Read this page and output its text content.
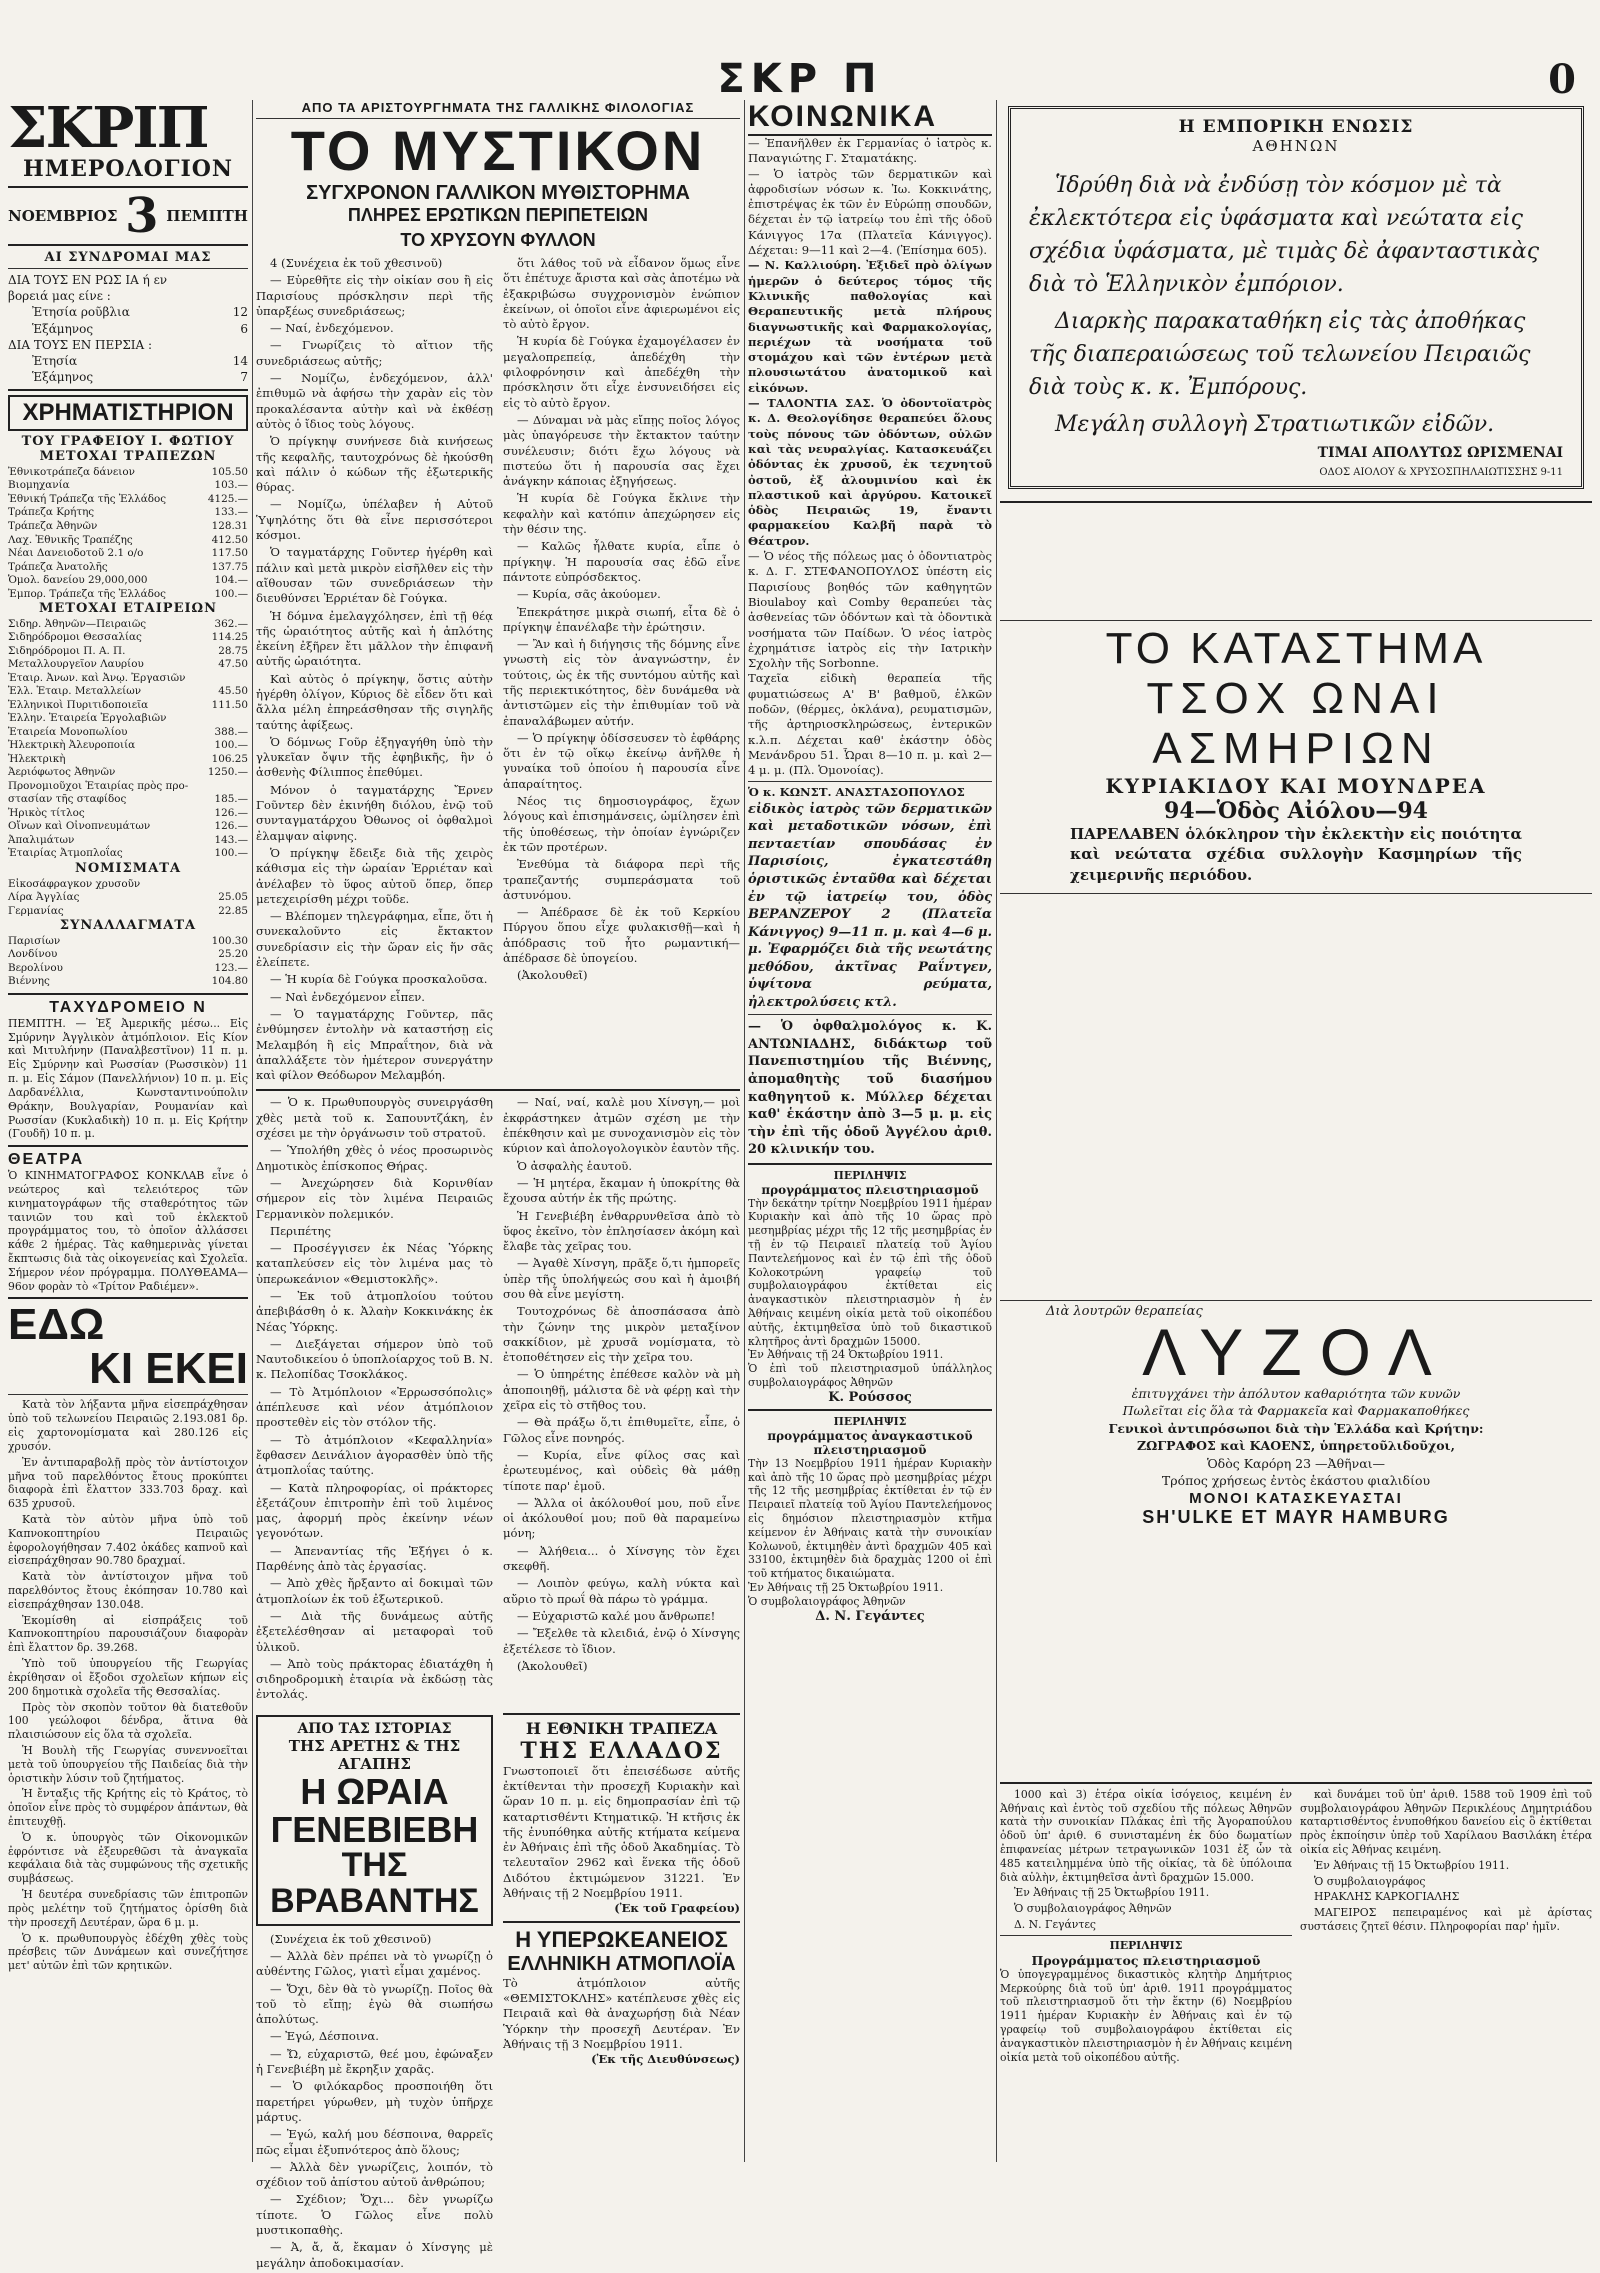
ΣΚΡ Π	0
ΣΚΡΙΠ
ΗΜΕΡΟΛΟΓΙΟΝ
ΝΟΕΜΒΡΙΟΣ 3 ΠΕΜΠΤΗ
ΑΙ ΣΥΝΔΡΟΜΑΙ ΜΑΣ
ΔΙΑ ΤΟΥΣ ΕΝ ΡΩΣ ΙΑ ή εν
βορειά μας είνε :
Ἐτησία ροῦβλια	12
Ἑξάμηνος	6
ΔΙΑ ΤΟΥΣ ΕΝ ΠΕΡΣΙΑ :
Ἐτησία	14
Ἑξάμηνος	7
ΧΡΗΜΑΤΙΣΤΗΡΙΟΝ
ΤΟΥ ΓΡΑΦΕΙΟΥ Ι. ΦΩΤΙΟΥ
ΜΕΤΟΧΑΙ ΤΡΑΠΕΖΩΝ
Ἐθνικοτράπεζα δάνειον	105.50
Βιομηχανία	103.—
Ἐθνική Τράπεζα τῆς Ἑλλάδος	4125.—
Τράπεζα Κρήτης	133.—
Τράπεζα Ἀθηνῶν	128.31
Λαχ. Ἐθνικῆς Τραπέζης	412.50
Νέαι Δανειοδοτοῦ 2.1 ο/ο	117.50
Τράπεζα Ἀνατολῆς	137.75
Ὁμολ. δανείου 29,000,000	104.—
Ἐμπορ. Τράπεζα τῆς Ἑλλάδος	100.—
ΜΕΤΟΧΑΙ ΕΤΑΙΡΕΙΩΝ
Σιδηρ. Ἀθηνῶν—Πειραιῶς	362.—
Σιδηρόδρομοι Θεσσαλίας	114.25
Σιδηρόδρομοι Π. Α. Π.	28.75
Μεταλλουργεῖον Λαυρίου	47.50
Ἑταιρ. Ἀνων. καὶ Ἀνῳ. Ἐργασιῶν
Ἑλλ. Ἑταιρ. Μεταλλείων	45.50
Ἑλληνικοὶ Πυριτιδοποιεῖα	111.50
Ἑλλην. Ἑταιρεία Ἐργολαβιῶν
Ἑταιρεία Μονοπωλίου	388.—
Ἠλεκτρικὴ Ἀλευροποιία	100.—
Ἠλεκτρικὴ	106.25
Ἀεριόφωτος Ἀθηνῶν	1250.—
Προνομιοῦχοι Ἑταιρίας πρὸς προ-
στασίαν τῆς σταφίδος	185.—
Ἠρικὸς τίτλος	126.—
Οἴνων καὶ Οἰνοπνευμάτων	126.—
Ἀπαλιμάτων	143.—
Ἑταιρίας Ἀτμοπλοΐας	100.—
ΝΟΜΙΣΜΑΤΑ
Εἰκοσάφραγκον χρυσοῦν
Λίρα Ἀγγλίας	25.05
Γερμανίας	22.85
ΣΥΝΑΛΛΑΓΜΑΤΑ
Παρισίων	100.30
Λονδίνου	25.20
Βερολίνου	123.—
Βιέννης	104.80
ΤΑΧΥΔΡΟΜΕΙΟ Ν
ΠΕΜΠΤΗ. — Ἐξ Ἀμερικῆς μέσω... Εἰς Σμύρνην Ἀγγλικὸν ἀτμόπλοιον. Εἰς Κίον καὶ Μιτυλήνην (Παναλβεστῖνον) 11 π. μ. Εἰς Σμύρνην καὶ Ρωσσίαν (Ρωσσικὸν) 11 π. μ. Εἰς Σάμον (Πανελλήνιον) 10 π. μ. Εἰς Δαρδανέλλια, Κωνσταντινούπολιν Θράκην, Βουλγαρίαν, Ρουμανίαν καὶ Ρωσσίαν (Κυκλαδικὴ) 10 π. μ. Εἰς Κρήτην (Γουδῆ) 10 π. μ.
ΘΕΑΤΡΑ
Ὁ ΚΙΝΗΜΑΤΟΓΡΑΦΟΣ ΚΟΝΚΛΑΒ εἶνε ὁ νεώτερος καὶ τελειότερος τῶν κινηματογράφων τῆς σταθερότητος τῶν ταινιῶν του καὶ τοῦ ἐκλεκτοῦ προγράμματος του, τὸ ὁποῖον ἀλλάσσει κάθε 2 ἡμέρας. Τὰς καθημερινὰς γίνεται ἔκπτωσις διὰ τὰς οἰκογενείας καὶ Σχολεῖα. Σήμερον νέον πρόγραμμα. ΠΟΛΥΘΕΑΜΑ—96ον φορὰν τὸ «Τρίτον Ραδιέμεν».
ΕΔΩ
ΚΙ ΕΚΕΙ

Κατὰ τὸν λήξαντα μῆνα εἰσεπράχθησαν ὑπὸ τοῦ τελωνείου Πειραιῶς 2.193.081 δρ. εἰς χαρτονομίσματα καὶ 280.126 εἰς χρυσόν.

Ἐν ἀντιπαραβολῇ πρὸς τὸν ἀντίστοιχον μῆνα τοῦ παρελθόντος ἔτους προκύπτει διαφορὰ ἐπὶ ἔλαττον 333.703 δραχ. καὶ 635 χρυσοῦ.

Κατὰ τὸν αὐτὸν μῆνα ὑπὸ τοῦ Καπνοκοπτηρίου Πειραιῶς ἐφορολογήθησαν 7.402 ὀκάδες καπνοῦ καὶ εἰσεπράχθησαν 90.780 δραχμαί.

Κατὰ τὸν ἀντίστοιχον μῆνα τοῦ παρελθόντος ἔτους ἐκόπησαν 10.780 καὶ εἰσεπράχθησαν 130.048.

Ἐκομίσθη αἱ εἰσπράξεις τοῦ Καπνοκοπτηρίου παρουσιάζουν διαφορὰν ἐπὶ ἔλαττον δρ. 39.268.

Ὑπὸ τοῦ ὑπουργείου τῆς Γεωργίας ἐκρίθησαν οἱ ἔξοδοι σχολεῖων κήπων εἰς 200 δημοτικὰ σχολεῖα τῆς Θεσσαλίας.

Πρὸς τὸν σκοπὸν τοῦτον θὰ διατεθοῦν 100 γεώλοφοι δένδρα, ἅτινα θὰ πλαισιώσουν εἰς ὅλα τὰ σχολεῖα.

Ἡ Βουλὴ τῆς Γεωργίας συνεννοεῖται μετὰ τοῦ ὑπουργείου τῆς Παιδείας διὰ τὴν ὁριστικὴν λύσιν τοῦ ζητήματος.

Ἡ ἔνταξις τῆς Κρήτης εἰς τὸ Κράτος, τὸ ὁποῖον εἶνε πρὸς τὸ συμφέρον ἀπάντων, θὰ ἐπιτευχθῇ.

Ὁ κ. ὑπουργὸς τῶν Οἰκονομικῶν ἐφρόντισε νὰ ἐξευρεθῶσι τὰ ἀναγκαῖα κεφάλαια διὰ τὰς συμφώνους τῆς σχετικῆς συμβάσεως.

Ἡ δευτέρα συνεδρίασις τῶν ἐπιτροπῶν πρὸς μελέτην τοῦ ζητήματος ὁρίσθη διὰ τὴν προσεχῆ Δευτέραν, ὥρα 6 μ. μ.

Ὁ κ. πρωθυπουργὸς ἐδέχθη χθὲς τοὺς πρέσβεις τῶν Δυνάμεων καὶ συνεζήτησε μετ' αὐτῶν ἐπὶ τῶν κρητικῶν.

ΑΠΟ ΤΑ ΑΡΙΣΤΟΥΡΓΗΜΑΤΑ ΤΗΣ ΓΑΛΛΙΚΗΣ ΦΙΛΟΛΟΓΙΑΣ
ΤΟ ΜΥΣΤΙΚΟΝ
ΣΥΓΧΡΟΝΟΝ ΓΑΛΛΙΚΟΝ ΜΥΘΙΣΤΟΡΗΜΑ
ΠΛΗΡΕΣ ΕΡΩΤΙΚΩΝ ΠΕΡΙΠΕΤΕΙΩΝ
ΤΟ ΧΡΥΣΟΥΝ ΦΥΛΛΟΝ

4 (Συνέχεια ἐκ τοῦ χθεσινοῦ)

— Εὑρεθῆτε εἰς τὴν οἰκίαν σου ἢ εἰς Παρισίους πρόσκλησιν περὶ τῆς ὑπαρξέως συνεδριάσεως;

— Ναί, ἐνδεχόμενον.

— Γνωρίζεις τὸ αἴτιον τῆς συνεδριάσεως αὐτῆς;

— Νομίζω, ἐνδεχόμενον, ἀλλ' ἐπιθυμῶ νὰ ἀφήσω τὴν χαρὰν εἰς τὸν προκαλέσαντα αὐτὴν καὶ νὰ ἐκθέσῃ αὐτὸς ὁ ἴδιος τοὺς λόγους.

Ὁ πρίγκηψ συνήνεσε διὰ κινήσεως τῆς κεφαλῆς, ταυτοχρόνως δὲ ἠκούσθη καὶ πάλιν ὁ κώδων τῆς ἐξωτερικῆς θύρας.

— Νομίζω, ὑπέλαβεν ἡ Αὐτοῦ Ὑψηλότης ὅτι θὰ εἶνε περισσότεροι κόσμοι.

Ὁ ταγματάρχης Γοῦντερ ἠγέρθη καὶ πάλιν καὶ μετὰ μικρὸν εἰσῆλθεν εἰς τὴν αἴθουσαν τῶν συνεδριάσεων τὴν διευθύνσει Ἐρριέταν δὲ Γούγκα.

Ἡ δόμνα ἐμελαγχόλησεν, ἐπὶ τῇ θέᾳ τῆς ὡραιότητος αὐτῆς καὶ ἡ ἀπλότης ἐκείνη ἐξῆρεν ἔτι μᾶλλον τὴν ἐπιφανῆ αὐτῆς ὡραιότητα.

Καὶ αὐτὸς ὁ πρίγκηψ, ὅστις αὐτὴν ἠγέρθη ὀλίγον, Κύριος δὲ εἶδεν ὅτι καὶ ἄλλα μέλη ἐπηρεάσθησαν τῆς σιγηλῆς ταύτης ἀφίξεως.

Ὁ δόμνως Γοῦρ ἐξηγαγήθη ὑπὸ τὴν γλυκεῖαν ὄψιν τῆς ἐφηβικῆς, ἣν ὁ ἀσθενὴς Φίλιππος ἐπεθύμει.

Μόνον ὁ ταγματάρχης Ἔρνεν Γοῦντερ δὲν ἐκινήθη διόλου, ἐνῷ τοῦ συνταγματάρχου Ὀθωνος οἱ ὀφθαλμοὶ ἐλαμψαν αἰφνης.

Ὁ πρίγκηψ ἔδειξε διὰ τῆς χειρὸς κάθισμα εἰς τὴν ὡραίαν Ἐρριέταν καὶ ἀνέλαβεν τὸ ὕφος αὐτοῦ ὅπερ, ὅπερ μετεχειρίσθη μέχρι τοῦδε.

— Βλέπομεν τηλεγράφημα, εἶπε, ὅτι ἡ συνεκαλοῦντο εἰς ἔκτακτον συνεδρίασιν εἰς τὴν ὥραν εἰς ἥν σᾶς ἐλείπετε.

— Ἡ κυρία δὲ Γούγκα προσκαλοῦσα.

— Ναὶ ἐνδεχόμενον εἶπεν.

— Ὁ ταγματάρχης Γοῦντερ, πᾶς ἐνθύμησεν ἐντολὴν νὰ καταστήσῃ εἰς Μελαμβόη ἢ εἰς Μπραΐτηον, διὰ νὰ ἀπαλλάξετε τὸν ἡμέτερον συνεργάτην καὶ φίλον Θεόδωρον Μελαμβόη.

ὅτι λάθος τοῦ νὰ εἶδανον ὅμως εἶνε ὅτι ἐπέτυχε ἄριστα καὶ σὰς ἀποτέμω νὰ ἐξακριβώσω συγχρονισμὸν ἐνώπιον ἐκείνων, οἱ ὁποῖοι εἶνε ἀφιερωμένοι εἰς τὸ αὐτὸ ἔργον.

Ἡ κυρία δὲ Γούγκα ἐχαμογέλασεν ἐν μεγαλοπρεπείᾳ, ἀπεδέχθη τὴν φιλοφρόνησιν καὶ ἀπεδέχθη τὴν πρόσκλησιν ὅτι εἶχε ἐνσυνειδήσει εἰς εἰς τὸ αὐτὸ ἔργον.

— Δύναμαι νὰ μὰς εἴπῃς ποῖος λόγος μὰς ὑπαγόρευσε τὴν ἔκτακτον ταύτην συνέλευσιν; διότι ἔχω λόγους νὰ πιστεύω ὅτι ἡ παρουσία σας ἔχει ἀνάγκην κάποιας ἐξηγήσεως.

Ἡ κυρία δὲ Γούγκα ἔκλινε τὴν κεφαλὴν καὶ κατόπιν ἀπεχώρησεν εἰς τὴν θέσιν της.

— Καλῶς ἦλθατε κυρία, εἶπε ὁ πρίγκηψ. Ἡ παρουσία σας ἐδῶ εἶνε πάντοτε εὐπρόσδεκτος.

— Κυρία, σᾶς ἀκούομεν.

Ἐπεκράτησε μικρὰ σιωπή, εἶτα δὲ ὁ πρίγκηψ ἐπανέλαβε τὴν ἐρώτησιν.

— Ἂν καὶ ἡ διήγησις τῆς δόμνης εἶνε γνωστὴ εἰς τὸν ἀναγνώστην, ἐν τούτοις, ὡς ἐκ τῆς συντόμου αὐτῆς καὶ τῆς περιεκτικότητος, δὲν δυνάμεθα νὰ ἀντιστῶμεν εἰς τὴν ἐπιθυμίαν τοῦ νὰ ἐπαναλάβωμεν αὐτήν.

— Ὁ πρίγκηψ ὀδίσσευσεν τὸ ἐφθάρης ὅτι ἐν τῷ οἴκῳ ἐκείνῳ ἀνῆλθε ἡ γυναίκα τοῦ ὁποίου ἡ παρουσία εἶνε ἀπαραίτητος.

Νέος τις δημοσιογράφος, ἔχων λόγους καὶ ἐπισημάνσεις, ὡμίλησεν ἐπὶ τῆς ὑποθέσεως, τὴν ὁποίαν ἐγνώριζεν ἐκ τῶν προτέρων.

Ἐνεθύμα τὰ διάφορα περὶ τῆς τραπεζαντής συμπεράσματα τοῦ ἀστυνόμου.

— Ἀπέδρασε δὲ ἐκ τοῦ Κερκίου Πύργου ὅπου εἶχε φυλακισθῇ—καὶ ἡ ἀπόδρασις τοῦ ἦτο ρωμαντική—ἀπέδρασε δὲ ὑπογείου.

(Ἀκολουθεῖ)

— Ὁ κ. Πρωθυπουργὸς συνειργάσθη χθὲς μετὰ τοῦ κ. Σαπουντζάκη, ἐν σχέσει με τὴν ὀργάνωσιν τοῦ στρατοῦ.

— Ὑπολήθη χθὲς ὁ νέος προσωρινὸς Δημοτικὸς ἐπίσκοπος Θήρας.

— Ἀνεχώρησεν διὰ Κορινθίαν σήμερον εἰς τὸν λιμένα Πειραιῶς Γερμανικὸν πολεμικόν.

Περιπέτης

— Προσέγγισεν ἐκ Νέας Ὑόρκης καταπλεύσεν εἰς τὸν λιμένα μας τὸ ὑπερωκεάνιον «Θεμιστοκλῆς».

— Ἐκ τοῦ ἀτμοπλοίου τούτου ἀπεβιβάσθη ὁ κ. Ἀλαὴν Κοκκινάκης ἐκ Νέας Ὑόρκης.

— Διεξάγεται σήμερον ὑπὸ τοῦ Ναυτοδικείου ὁ ὑποπλοίαρχος τοῦ Β. Ν. κ. Πελοπίδας Τσοκλάκος.

— Τὸ Ἀτμόπλοιον «Ἐρρωσσόπολις» ἀπέπλευσε καὶ νέον ἀτμόπλοιον προστεθὲν εἰς τὸν στόλον τῆς.

— Τὸ ἀτμόπλοιον «Κεφαλληνία» ἔφθασεν Δεινάλιον ἀγορασθὲν ὑπὸ τῆς ἀτμοπλοΐας ταύτης.

— Κατὰ πληροφορίας, οἱ πράκτορες ἐξετάζουν ἐπιτροπὴν ἐπὶ τοῦ λιμένος μας, ἀφορμή πρὸς ἐκείνην νέων γεγονότων.

— Ἀπεναντίας τῆς Ἐξήγει ὁ κ. Παρθένης ἀπὸ τὰς ἐργασίας.

— Ἀπὸ χθὲς ἤρξαντο αἱ δοκιμαὶ τῶν ἀτμοπλοίων ἐκ τοῦ ἐξωτερικοῦ.

— Διὰ τῆς δυνάμεως αὐτῆς ἐξετελέσθησαν αἱ μεταφοραὶ τοῦ ὑλικοῦ.

— Ἀπὸ τοὺς πράκτορας ἐδιατάχθη ἡ σιδηροδρομικὴ ἐταιρία νὰ ἐκδώσῃ τὰς ἐντολάς.

— Ναί, ναί, καλὲ μου Χίνσγη,— μοὶ ἐκφράστηκεν ἀτμῶν σχέση με τὴν ἐπέκθησιν καὶ με συνοχανισμὸν εἰς τὸν κύριον καὶ ἀπολογολογικὸν ἑαυτὸν τῆς.

Ὁ ἀσφαλὴς ἑαυτοῦ.

— Ἡ μητέρα, ἔκαμαν ἡ ὑποκρίτης θὰ ἔχουσα αὐτήν ἐκ τῆς πρώτης.

Ἡ Γενεβιέβη ἐνθαρρυνθεῖσα ἀπὸ τὸ ὕφος ἐκεῖνο, τὸν ἐπλησίασεν ἀκόμη καὶ ἔλαβε τὰς χεῖρας του.

— Ἀγαθὲ Χίνσγη, πρᾶξε ὅ,τι ἠμπορεῖς ὑπὲρ τῆς ὑπολήψεώς σου καὶ ἡ ἀμοιβή σου θὰ εἶνε μεγίστη.

Τουτοχρόνως δὲ ἀποσπάσασα ἀπὸ τὴν ζώνην της μικρὸν μεταξίνον σακκίδιον, μὲ χρυσᾶ νομίσματα, τὸ ἐτοποθέτησεν εἰς τὴν χεῖρα του.

— Ὁ ὑπηρέτης ἐπέθεσε καλὸν νὰ μὴ ἀποποιηθῇ, μάλιστα δὲ νὰ φέρῃ καὶ τὴν χεῖρα εἰς τὸ στῆθος του.

— Θὰ πράξω ὅ,τι ἐπιθυμεῖτε, εἶπε, ὁ Γῶλος εἶνε πονηρός.

— Κυρία, εἶνε φίλος σας καὶ ἐρωτευμένος, καὶ οὐδεὶς θὰ μάθῃ τίποτε παρ' ἐμοῦ.

— Ἄλλα οἱ ἀκόλουθοί μου, ποῦ εἶνε οἱ ἀκόλουθοί μου; ποῦ θὰ παραμείνω μόνη;

— Ἀλήθεια... ὁ Χίνσγης τὸν ἔχει σκεφθῆ.

— Λοιπὸν φεύγω, καλὴ νύκτα καὶ αὔριο τὸ πρωΐ θὰ πάρω τὸ γράμμα.

— Εὐχαριστῶ καλέ μου ἄνθρωπε!

— Ἔξελθε τὰ κλειδιά, ἐνῷ ὁ Χίνσγης ἐξετέλεσε τὸ ἴδιον.

(Ἀκολουθεῖ)

ΑΠΟ ΤΑΣ ΙΣΤΟΡΙΑΣ
ΤΗΣ ΑΡΕΤΗΣ & ΤΗΣ ΑΓΑΠΗΣ
Η ΩΡΑΙΑ ΓΕΝΕΒΙΕΒΗ
ΤΗΣ ΒΡΑΒΑΝΤΗΣ

(Συνέχεια ἐκ τοῦ χθεσινοῦ)

— Ἀλλὰ δὲν πρέπει νὰ τὸ γνωρίζῃ ὁ αὐθέντης Γῶλος, γιατὶ εἶμαι χαμένος.

— Ὄχι, δὲν θὰ τὸ γνωρίζῃ. Ποῖος θὰ τοῦ τὸ εἴπῃ; ἐγὼ θὰ σιωπήσω ἀπολύτως.

— Ἐγώ, Δέσποινα.

— Ὤ, εὐχαριστῶ, θεέ μου, ἐφώναξεν ἡ Γενεβιέβη μὲ ἔκρηξιν χαρᾶς.

— Ὁ φιλόκαρδος προσποιήθη ὅτι παρετήρει γύρωθεν, μὴ τυχὸν ὑπῆρχε μάρτυς.

— Ἐγώ, καλή μου δέσποινα, θαρρεῖς πῶς εἶμαι ἐξυπνότερος ἀπὸ ὅλους;

— Ἀλλὰ δὲν γνωρίζεις, λοιπόν, τὸ σχέδιον τοῦ ἀπίστου αὐτοῦ ἀνθρώπου;

— Σχέδιον; Ὄχι... δὲν γνωρίζω τίποτε. Ὁ Γῶλος εἶνε πολὺ μυστικοπαθὴς.

— Ἀ, ἄ, ἄ, ἔκαμαν ὁ Χίνσγης μὲ μεγάλην ἀποδοκιμασίαν.

Η ΕΘΝΙΚΗ ΤΡΑΠΕΖΑ
ΤΗΣ ΕΛΛΑΔΟΣ
Γνωστοποιεῖ ὅτι ἐπεισέδωσε αὐτῆς ἐκτίθενται τὴν προσεχῆ Κυριακὴν καὶ ὥραν 10 π. μ. εἰς δημοπρασίαν ἐπὶ τῷ καταρτισθέντι Κτηματικῷ. Ἡ κτῆσις ἐκ τῆς ἐνυπόθηκα αὐτῆς κτήματα κείμενα ἐν Ἀθήναις ἐπὶ τῆς ὁδοῦ Ἀκαδημίας. Τὸ τελευταῖον 2962 καὶ ἕνεκα τῆς ὁδοῦ Διδότου ἐκτιμώμενον 31221. Ἐν Ἀθήναις τῇ 2 Νοεμβρίου 1911.
(Ἐκ τοῦ Γραφείου)
Η ΥΠΕΡΩΚΕΑΝΕΙΟΣ
ΕΛΛΗΝΙΚΗ ΑΤΜΟΠΛΟΪΑ
Τὸ ἀτμόπλοιον αὐτῆς «ΘΕΜΙΣΤΟΚΛΗΣ» κατέπλευσε χθὲς εἰς Πειραιᾶ καὶ θὰ ἀναχωρήσῃ διὰ Νέαν Ὑόρκην τὴν προσεχῆ Δευτέραν. Ἐν Ἀθήναις τῇ 3 Νοεμβρίου 1911.
(Ἐκ τῆς Διευθύνσεως)
ΚΟΙΝΩΝΙΚΑ
— Ἐπανῆλθεν ἐκ Γερμανίας ὁ ἰατρὸς κ. Παναγιώτης Γ. Σταματάκης.
— Ὁ ἰατρὸς τῶν δερματικῶν καὶ ἀφροδισίων νόσων κ. Ἰω. Κοκκινάτης, ἐπιστρέψας ἐκ τῶν ἐν Εὐρώπῃ σπουδῶν, δέχεται ἐν τῷ ἰατρείῳ του ἐπὶ τῆς ὁδοῦ Κάνιγγος 17α (Πλατεῖα Κάνιγγος). Δέχεται: 9—11 καὶ 2—4. (Ἐπίσημα 605).
— Ν. Καλλιούρη. Ἐξιδεῖ πρὸ ὀλίγων ἡμερῶν ὁ δεύτερος τόμος τῆς Κλινικῆς παθολογίας καὶ Θεραπευτικῆς μετὰ πλήρους διαγνωστικῆς καὶ Φαρμακολογίας, περιέχων τὰ νοσήματα τοῦ στομάχου καὶ τῶν ἐντέρων μετὰ πλουσιωτάτου ἀνατομικοῦ καὶ εἰκόνων.
— ΤΑΛΟΝΤΙΑ ΣΑΣ. Ὁ ὀδοντοϊατρὸς κ. Δ. Θεολογίδησε θεραπεύει ὅλους τοὺς πόνους τῶν ὀδόντων, οὐλῶν καὶ τὰς νευραλγίας. Κατασκευάζει ὀδόντας ἐκ χρυσοῦ, ἐκ τεχνητοῦ ὀστοῦ, ἐξ ἀλουμινίου καὶ ἐκ πλαστικοῦ καὶ ἀργύρου. Κατοικεῖ ὁδὸς Πειραιῶς 19, ἔναντι φαρμακείου Καλβῆ παρὰ τὸ Θέατρον.
— Ὁ νέος τῆς πόλεως μας ὁ ὀδοντιατρὸς κ. Δ. Γ. ΣΤΕΦΑΝΟΠΟΥΛΟΣ ὑπέστη εἰς Παρισίους βοηθός τῶν καθηγητῶν Bioulaboy καὶ Comby θεραπεύει τὰς ἀσθενείας τῶν ὀδόντων καὶ τὰ ὀδοντικὰ νοσήματα τῶν Παίδων. Ὁ νέος ἰατρὸς ἐχρημάτισε ἰατρὸς εἰς τὴν Ιατρικὴν Σχολὴν τῆς Sorbonne.
Ταχεῖα εἰδικὴ θεραπεία τῆς φυματιώσεως Α' Β' βαθμοῦ, ἑλκῶν ποδῶν, (θέρμες, ὀκλάνα), ρευματισμῶν, τῆς ἀρτηριοσκληρώσεως, ἐντερικῶν κ.λ.π. Δέχεται καθ' ἑκάστην ὁδὸς Μενάνδρου 51. Ὧραι 8—10 π. μ. καὶ 2—4 μ. μ. (Πλ. Ὁμονοίας).
Ὁ κ. ΚΩΝΣΤ. ΑΝΑΣΤΑΣΟΠΟΥΛΟΣ
εἰδικὸς ἰατρὸς τῶν δερματικῶν καὶ μεταδοτικῶν νόσων, ἐπὶ πενταετίαν σπουδάσας ἐν Παρισίοις, ἐγκατεστάθη ὁριστικῶς ἐνταῦθα καὶ δέχεται ἐν τῷ ἰατρείῳ του, ὁδὸς ΒΕΡΑΝΖΕΡΟΥ 2 (Πλατεῖα Κάνιγγος) 9—11 π. μ. καὶ 4—6 μ. μ. Ἐφαρμόζει διὰ τῆς νεωτάτης μεθόδου, ἀκτῖνας Ραΐντγεν, ὑψίτονα ρεύματα, ἠλεκτρολύσεις κτλ.
— Ὁ ὀφθαλμολόγος κ. Κ. ΑΝΤΩΝΙΑΔΗΣ, διδάκτωρ τοῦ Πανεπιστημίου τῆς Βιέννης, ἀπομαθητὴς τοῦ διασήμου καθηγητοῦ κ. Μύλλερ δέχεται καθ' ἑκάστην ἀπὸ 3—5 μ. μ. εἰς τὴν ἐπὶ τῆς ὁδοῦ Ἀγγέλου ἀριθ. 20 κλινικήν του.
ΠΕΡΙΛΗΨΙΣ
προγράμματος πλειστηριασμοῦ
Τὴν δεκάτην τρίτην Νοεμβρίου 1911 ἡμέραν Κυριακὴν καὶ ἀπὸ τῆς 10 ὥρας πρὸ μεσημβρίας μέχρι τῆς 12 τῆς μεσημβρίας ἐν τῇ ἐν τῷ Πειραιεῖ πλατείᾳ τοῦ Ἁγίου Παντελεήμονος καὶ ἐν τῷ ἐπὶ τῆς ὁδοῦ Κολοκοτρώνη γραφείῳ τοῦ συμβολαιογράφου ἐκτίθεται εἰς ἀναγκαστικὸν πλειστηριασμὸν ἡ ἐν Ἀθήναις κειμένη οἰκία μετὰ τοῦ οἰκοπέδου αὐτῆς, ἐκτιμηθεῖσα ὑπὸ τοῦ δικαστικοῦ κλητῆρος ἀντὶ δραχμῶν 15000.
Ἐν Ἀθήναις τῇ 24 Ὀκτωβρίου 1911.
Ὁ ἐπὶ τοῦ πλειστηριασμοῦ ὑπάλληλος συμβολαιογράφος Ἀθηνῶν
Κ. Ρούσσος
ΠΕΡΙΛΗΨΙΣ
προγράμματος ἀναγκαστικοῦ πλειστηριασμοῦ
Τὴν 13 Νοεμβρίου 1911 ἡμέραν Κυριακὴν καὶ ἀπὸ τῆς 10 ὥρας πρὸ μεσημβρίας μέχρι τῆς 12 τῆς μεσημβρίας ἐκτίθεται ἐν τῷ ἐν Πειραιεῖ πλατείᾳ τοῦ Ἁγίου Παντελεήμονος εἰς δημόσιον πλειστηριασμὸν κτῆμα κείμενον ἐν Ἀθήναις κατὰ τὴν συνοικίαν Κολωνοῦ, ἐκτιμηθὲν ἀντὶ δραχμῶν 405 καὶ 33100, ἐκτιμηθὲν διὰ δραχμὰς 1200 οἱ ἐπὶ τοῦ κτήματος δικαιώματα.
Ἐν Ἀθήναις τῇ 25 Ὀκτωβρίου 1911.
Ὁ συμβολαιογράφος Ἀθηνῶν
Δ. Ν. Γεγάντες
Η ΕΜΠΟΡΙΚΗ ΕΝΩΣΙΣ
ΑΘΗΝΩΝ

Ἱδρύθη διὰ νὰ ἐνδύσῃ τὸν κόσμον μὲ τὰ ἐκλεκτότερα εἰς ὑφάσματα καὶ νεώτατα εἰς σχέδια ὑφάσματα, μὲ τιμὰς δὲ ἀφανταστικὰς διὰ τὸ Ἑλληνικὸν ἐμπόριον.

Διαρκὴς παρακαταθήκη εἰς τὰς ἀποθήκας τῆς διαπεραιώσεως τοῦ τελωνείου Πειραιῶς διὰ τοὺς κ. κ. Ἐμπόρους.

Μεγάλη συλλογὴ Στρατιωτικῶν εἰδῶν.

ΤΙΜΑΙ ΑΠΟΛΥΤΩΣ ΩΡΙΣΜΕΝΑΙ
ΟΔΟΣ ΑΙΟΛΟΥ & ΧΡΥΣΟΣΠΗΛΑΙΩΤΙΣΣΗΣ 9-11
ΤΟ ΚΑΤΑΣΤΗΜΑ
ΤΣΟΧ ΩΝΑΙ ΑΣΜΗΡΙΩΝ
ΚΥΡΙΑΚΙΔΟΥ ΚΑΙ ΜΟΥΝΔΡΕΑ
94—Ὁδὸς Αἰόλου—94
ΠΑΡΕΛΑΒΕΝ ὁλόκληρον τὴν ἐκλεκτὴν εἰς ποιότητα καὶ νεώτατα σχέδια συλλογὴν Κασμηρίων τῆς χειμερινῆς περιόδου.
Διὰ λουτρῶν θεραπείας
ΛΥΖΟΛ
ἐπιτυγχάνει τὴν ἀπόλυτον καθαριότητα τῶν κυνῶν
Πωλεῖται εἰς ὅλα τὰ Φαρμακεῖα καὶ Φαρμακαποθήκες
Γενικοὶ ἀντιπρόσωποι διὰ τὴν Ἑλλάδα καὶ Κρήτην:
ΖΩΓΡΑΦΟΣ καὶ ΚΑΟΕΝΣ, ὑπηρετοῦλιδοῦχοι,
Ὁδὸς Καρόρη 23 —Ἀθῆναι—
Τρόπος χρήσεως ἐντὸς ἑκάστου φιαλιδίου
ΜΟΝΟΙ ΚΑΤΑΣΚΕΥΑΣΤΑΙ
SH'ULKE ET MAYR HAMBURG

1000 καὶ 3) ἑτέρα οἰκία ἰσόγειος, κειμένη ἐν Ἀθήναις καὶ ἐντὸς τοῦ σχεδίου τῆς πόλεως Ἀθηνῶν κατὰ τὴν συνοικίαν Πλάκας ἐπὶ τῆς Ἀγοραπούλου ὁδοῦ ὑπ' ἀριθ. 6 συνισταμένη ἐκ δύο δωματίων ἐπιφανείας μέτρων τετραγωνικῶν 1031 ἐξ ὧν τὰ 485 κατειλημμένα ὑπὸ τῆς οἰκίας, τὰ δὲ ὑπόλοιπα διὰ αὐλὴν, ἐκτιμηθεῖσα ἀντὶ δραχμῶν 15.000.

Ἐν Ἀθήναις τῇ 25 Ὀκτωβρίου 1911.

Ὁ συμβολαιογράφος Ἀθηνῶν

Δ. Ν. Γεγάντες

ΠΕΡΙΛΗΨΙΣ
Προγράμματος πλειστηριασμοῦ
Ὁ ὑπογεγραμμένος δικαστικὸς κλητὴρ Δημήτριος Μερκούρης διὰ τοῦ ὑπ' ἀριθ. 1911 προγράμματος τοῦ πλειστηριασμοῦ ὅτι τὴν ἕκτην (6) Νοεμβρίου 1911 ἡμέραν Κυριακὴν ἐν Ἀθήναις καὶ ἐν τῷ γραφείῳ τοῦ συμβολαιογράφου ἐκτίθεται εἰς ἀναγκαστικὸν πλειστηριασμὸν ἡ ἐν Ἀθήναις κειμένη οἰκία μετὰ τοῦ οἰκοπέδου αὐτῆς.

καὶ δυνάμει τοῦ ὑπ' ἀριθ. 1588 τοῦ 1909 ἐπὶ τοῦ συμβολαιογράφου Ἀθηνῶν Περικλέους Δημητριάδου καταρτισθέντος ἐνυποθήκου δανείου εἰς ὃ ἐκτίθεται πρὸς ἐκποίησιν ὑπὲρ τοῦ Χαρίλαου Βασιλάκη ἑτέρα οἰκία εἰς Ἀθήνας κειμένη.

Ἐν Ἀθήναις τῇ 15 Ὀκτωβρίου 1911.

Ὁ συμβολαιογράφος

ΗΡΑΚΛΗΣ ΚΑΡΚΟΓΙΑΛΗΣ

ΜΑΓΕΙΡΟΣ πεπειραμένος καὶ μὲ ἀρίστας συστάσεις ζητεῖ θέσιν. Πληροφορίαι παρ' ἡμῖν.
